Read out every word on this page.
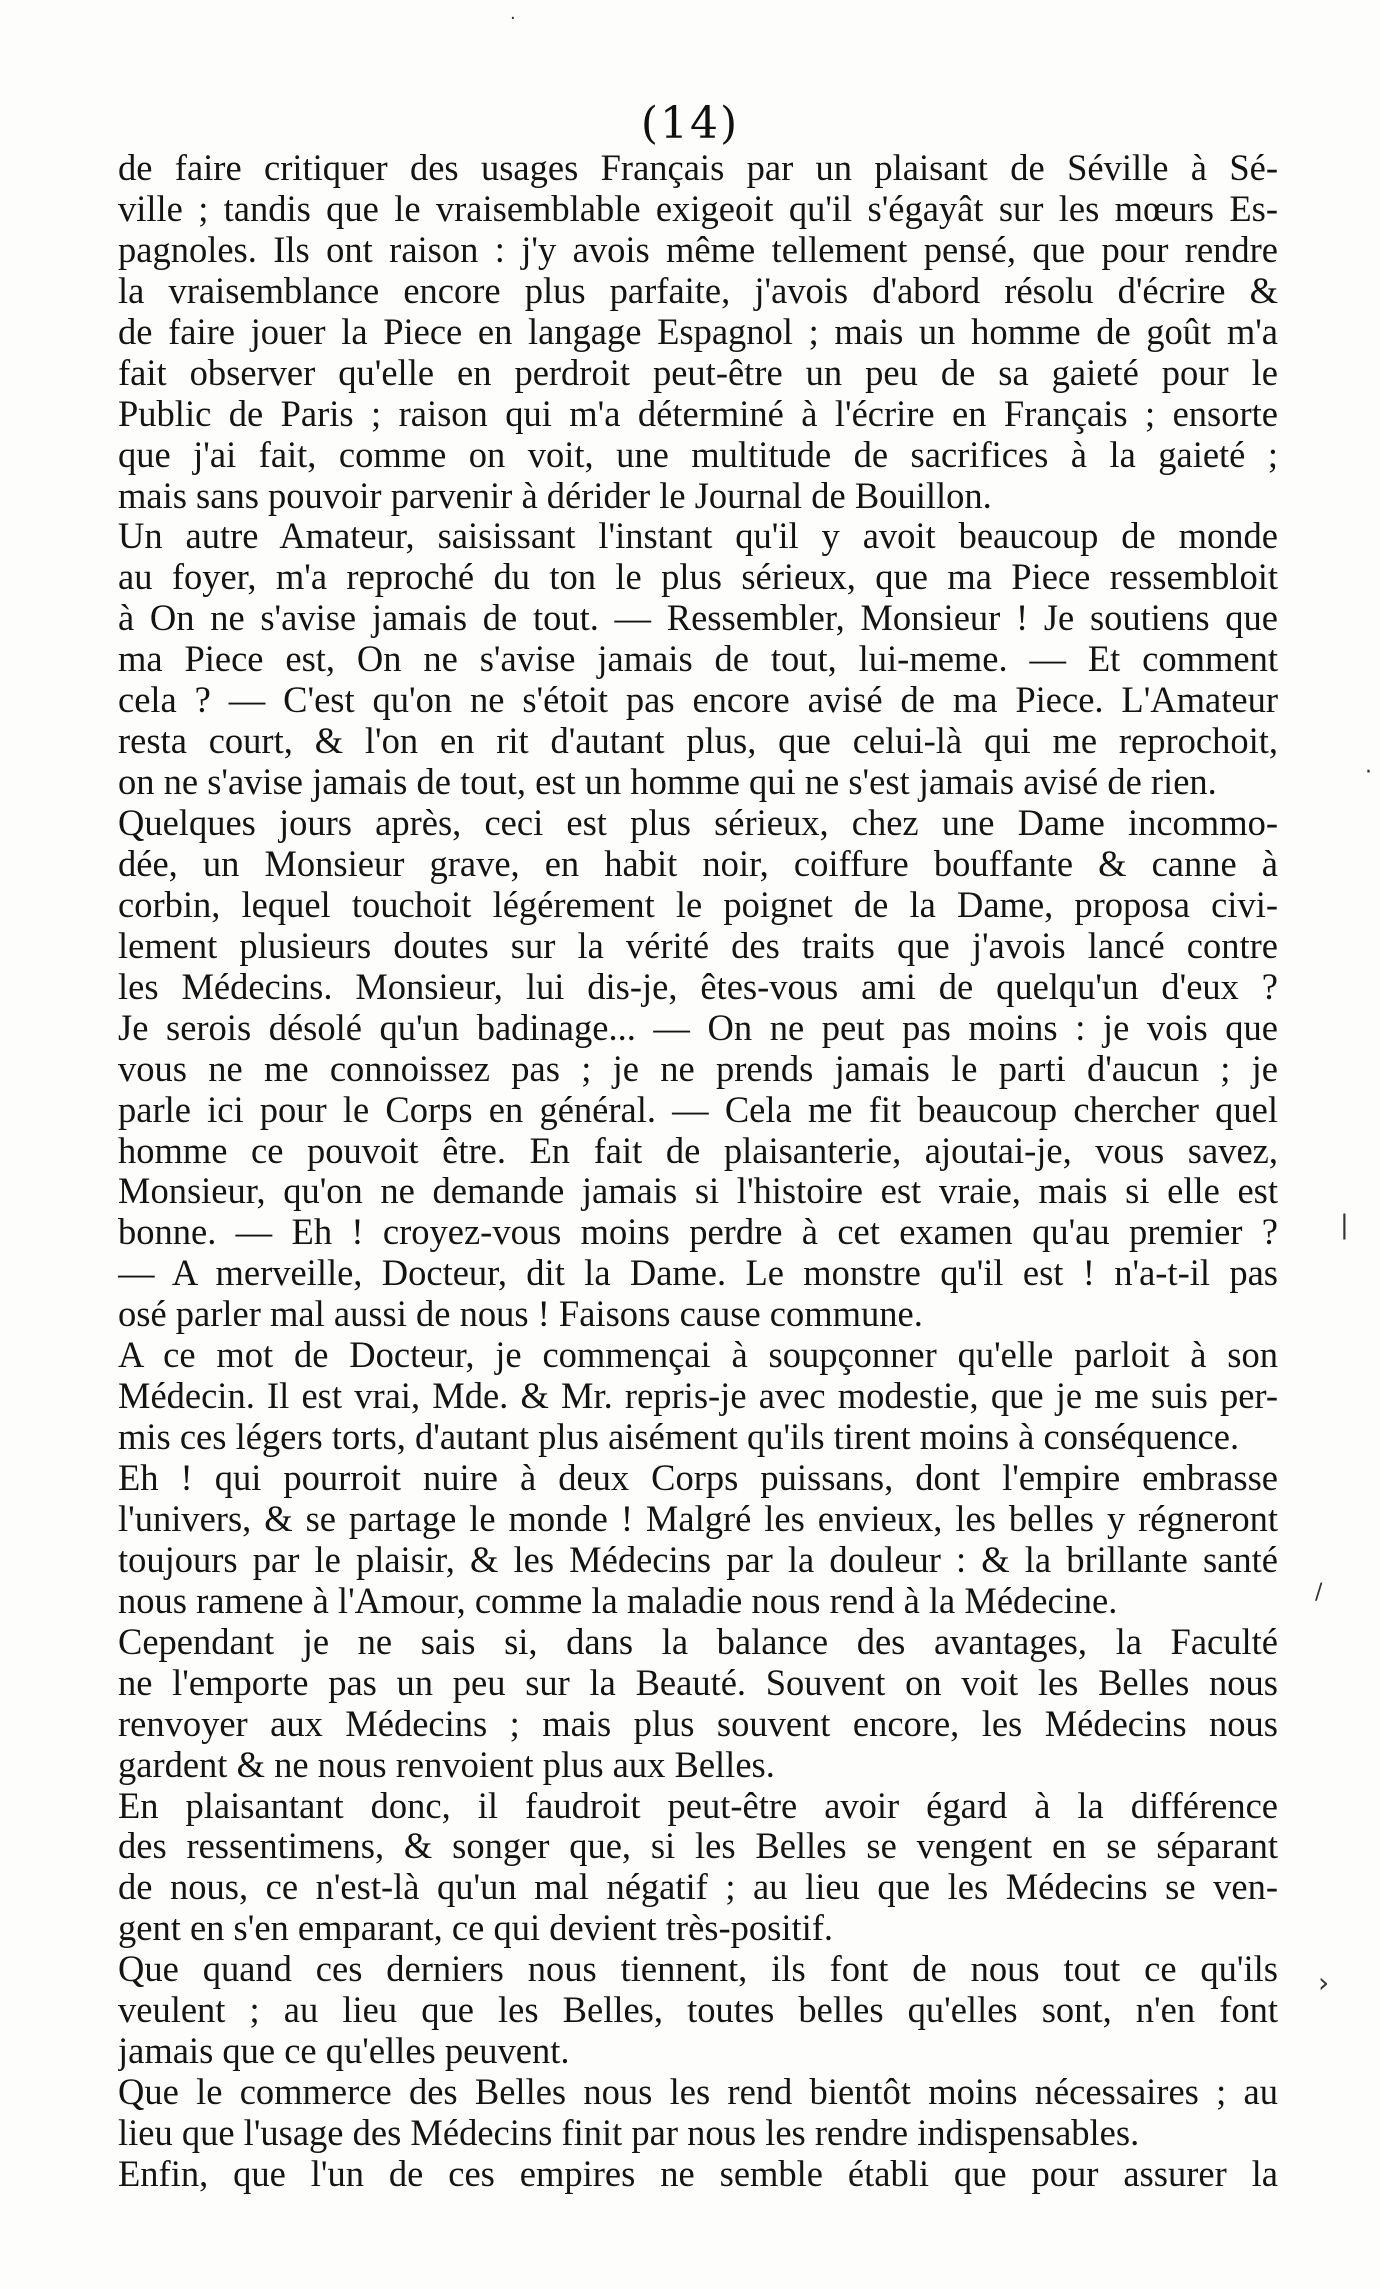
(14)
de faire critiquer des usages Français par un plaisant de Séville à Sé-
ville ; tandis que le vraisemblable exigeoit qu'il s'égayât sur les mœurs Es-
pagnoles. Ils ont raison : j'y avois même tellement pensé, que pour rendre
la vraisemblance encore plus parfaite, j'avois d'abord résolu d'écrire &
de faire jouer la Piece en langage Espagnol ; mais un homme de goût m'a
fait observer qu'elle en perdroit peut-être un peu de sa gaieté pour le
Public de Paris ; raison qui m'a déterminé à l'écrire en Français ; ensorte
que j'ai fait, comme on voit, une multitude de sacrifices à la gaieté ;
mais sans pouvoir parvenir à dérider le Journal de Bouillon.
Un autre Amateur, saisissant l'instant qu'il y avoit beaucoup de monde
au foyer, m'a reproché du ton le plus sérieux, que ma Piece ressembloit
à On ne s'avise jamais de tout. — Ressembler, Monsieur ! Je soutiens que
ma Piece est, On ne s'avise jamais de tout, lui-meme. — Et comment
cela ? — C'est qu'on ne s'étoit pas encore avisé de ma Piece. L'Amateur
resta court, & l'on en rit d'autant plus, que celui-là qui me reprochoit,
on ne s'avise jamais de tout, est un homme qui ne s'est jamais avisé de rien.
Quelques jours après, ceci est plus sérieux, chez une Dame incommo-
dée, un Monsieur grave, en habit noir, coiffure bouffante & canne à
corbin, lequel touchoit légérement le poignet de la Dame, proposa civi-
lement plusieurs doutes sur la vérité des traits que j'avois lancé contre
les Médecins. Monsieur, lui dis-je, êtes-vous ami de quelqu'un d'eux ?
Je serois désolé qu'un badinage... — On ne peut pas moins : je vois que
vous ne me connoissez pas ; je ne prends jamais le parti d'aucun ; je
parle ici pour le Corps en général. — Cela me fit beaucoup chercher quel
homme ce pouvoit être. En fait de plaisanterie, ajoutai-je, vous savez,
Monsieur, qu'on ne demande jamais si l'histoire est vraie, mais si elle est
bonne. — Eh ! croyez-vous moins perdre à cet examen qu'au premier ?
— A merveille, Docteur, dit la Dame. Le monstre qu'il est ! n'a-t-il pas
osé parler mal aussi de nous ! Faisons cause commune.
A ce mot de Docteur, je commençai à soupçonner qu'elle parloit à son
Médecin. Il est vrai, Mde. & Mr. repris-je avec modestie, que je me suis per-
mis ces légers torts, d'autant plus aisément qu'ils tirent moins à conséquence.
Eh ! qui pourroit nuire à deux Corps puissans, dont l'empire embrasse
l'univers, & se partage le monde ! Malgré les envieux, les belles y régneront
toujours par le plaisir, & les Médecins par la douleur : & la brillante santé
nous ramene à l'Amour, comme la maladie nous rend à la Médecine.
Cependant je ne sais si, dans la balance des avantages, la Faculté
ne l'emporte pas un peu sur la Beauté. Souvent on voit les Belles nous
renvoyer aux Médecins ; mais plus souvent encore, les Médecins nous
gardent & ne nous renvoient plus aux Belles.
En plaisantant donc, il faudroit peut-être avoir égard à la différence
des ressentimens, & songer que, si les Belles se vengent en se séparant
de nous, ce n'est-là qu'un mal négatif ; au lieu que les Médecins se ven-
gent en s'en emparant, ce qui devient très-positif.
Que quand ces derniers nous tiennent, ils font de nous tout ce qu'ils
veulent ; au lieu que les Belles, toutes belles qu'elles sont, n'en font
jamais que ce qu'elles peuvent.
Que le commerce des Belles nous les rend bientôt moins nécessaires ; au
lieu que l'usage des Médecins finit par nous les rendre indispensables.
Enfin, que l'un de ces empires ne semble établi que pour assurer la
·
·
|
/
›
